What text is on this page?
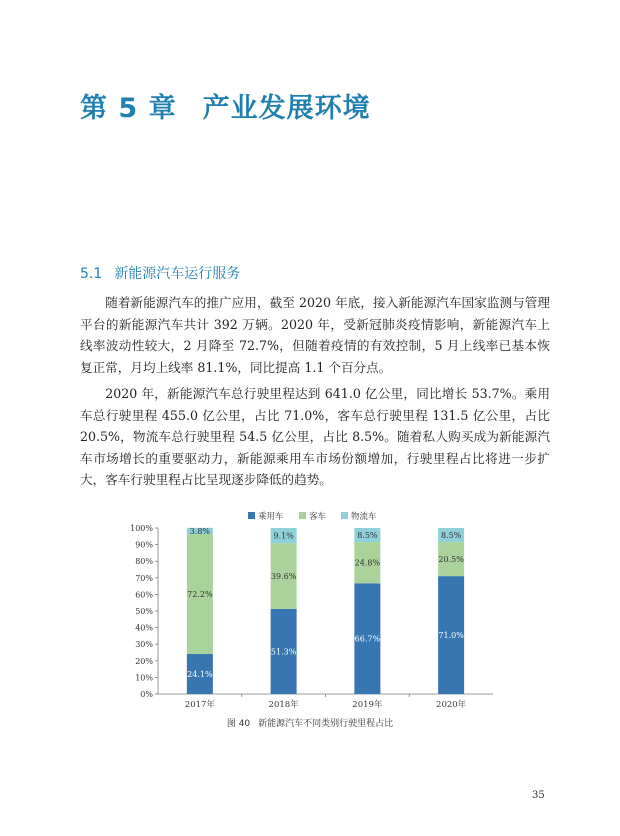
第 5 章 产业发展环境
5.1 新能源汽车运行服务

随着新能源汽车的推广应用，截至 2020 年底，接入新能源汽车国家监测与管理平台的新能源汽车共计 392 万辆。2020 年，受新冠肺炎疫情影响，新能源汽车上线率波动性较大，2 月降至 72.7%，但随着疫情的有效控制，5 月上线率已基本恢复正常，月均上线率 81.1%，同比提高 1.1 个百分点。

2020 年，新能源汽车总行驶里程达到 641.0 亿公里，同比增长 53.7%。乘用车总行驶里程 455.0 亿公里，占比 71.0%，客车总行驶里程 131.5 亿公里，占比 20.5%，物流车总行驶里程 54.5 亿公里，占比 8.5%。随着私人购买成为新能源汽车市场增长的重要驱动力，新能源乘用车市场份额增加，行驶里程占比将进一步扩大，客车行驶里程占比呈现逐步降低的趋势。

乘用车	客车	物流车
0%
10%
20%
30%
40%
50%
60%
70%
80%
90%
100%
24.1%
72.2%
3.8%
2017年
51.3%
39.6%
9.1%
2018年
66.7%
24.8%
8.5%
2019年
71.0%
20.5%
8.5%
2020年
图 40 新能源汽车不同类别行驶里程占比
35
